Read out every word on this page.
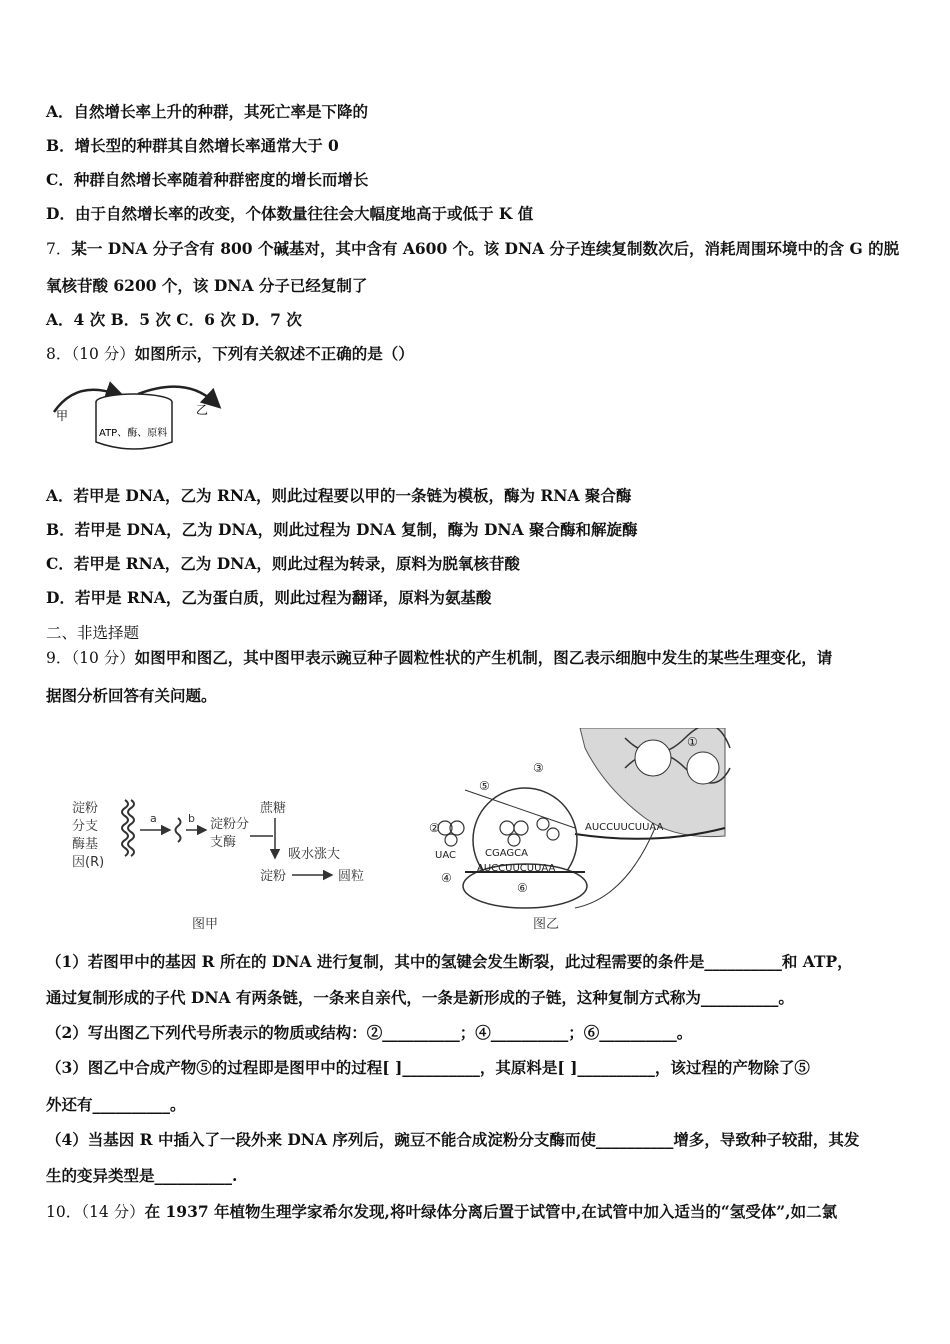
A．自然增长率上升的种群，其死亡率是下降的
B．增长型的种群其自然增长率通常大于 0
C．种群自然增长率随着种群密度的增长而增长
D．由于自然增长率的改变，个体数量往往会大幅度地高于或低于 K 值
7．某一 DNA 分子含有 800 个碱基对，其中含有 A600 个。该 DNA 分子连续复制数次后，消耗周围环境中的含 G 的脱
氧核苷酸 6200 个，该 DNA 分子已经复制了
A．4 次 B．5 次 C．6 次 D．7 次
8．（10 分）如图所示，下列有关叙述不正确的是（）
甲	乙
ATP、酶、原料
A．若甲是 DNA，乙为 RNA，则此过程要以甲的一条链为模板，酶为 RNA 聚合酶
B．若甲是 DNA，乙为 DNA，则此过程为 DNA 复制，酶为 DNA 聚合酶和解旋酶
C．若甲是 RNA，乙为 DNA，则此过程为转录，原料为脱氧核苷酸
D．若甲是 RNA，乙为蛋白质，则此过程为翻译，原料为氨基酸
二、非选择题
9．（10 分）如图甲和图乙，其中图甲表示豌豆种子圆粒性状的产生机制，图乙表示细胞中发生的某些生理变化，请
据图分析回答有关问题。
淀粉
分支
酶基
因(R)
a	b 淀粉分
支酶
蔗糖
吸水涨大
淀粉	圆粒
图甲
AUCCUUCUUAA
AUCCUUCUUAA
CGAGCA
UAC
①
②
③
④
⑤
⑥
图乙
（1）若图甲中的基因 R 所在的 DNA 进行复制，其中的氢键会发生断裂，此过程需要的条件是__________和 ATP，
通过复制形成的子代 DNA 有两条链，一条来自亲代，一条是新形成的子链，这种复制方式称为__________。
（2）写出图乙下列代号所表示的物质或结构：②__________；④__________；⑥__________。
（3）图乙中合成产物⑤的过程即是图甲中的过程[ ]__________，其原料是[ ]__________，该过程的产物除了⑤
外还有__________。
（4）当基因 R 中插入了一段外来 DNA 序列后，豌豆不能合成淀粉分支酶而使__________增多，导致种子较甜，其发
生的变异类型是__________.
10．（14 分）在 1937 年植物生理学家希尔发现,将叶绿体分离后置于试管中,在试管中加入适当的“氢受体”,如二氯
